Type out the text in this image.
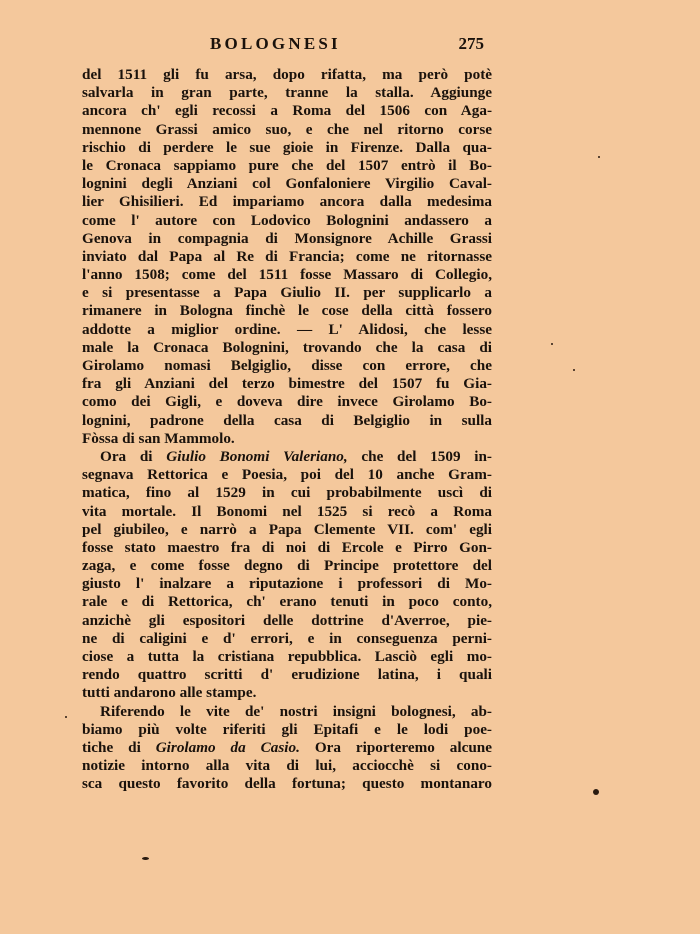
BOLOGNESI	275
del 1511 gli fu arsa, dopo rifatta, ma però potè
salvarla in gran parte, tranne la stalla. Aggiunge
ancora ch' egli recossi a Roma del 1506 con Aga-
mennone Grassi amico suo, e che nel ritorno corse
rischio di perdere le sue gioie in Firenze. Dalla qua-
le Cronaca sappiamo pure che del 1507 entrò il Bo-
lognini degli Anziani col Gonfaloniere Virgilio Caval-
lier Ghisilieri. Ed impariamo ancora dalla medesima
come l' autore con Lodovico Bolognini andassero a
Genova in compagnia di Monsignore Achille Grassi
inviato dal Papa al Re di Francia; come ne ritornasse
l'anno 1508; come del 1511 fosse Massaro di Collegio,
e si presentasse a Papa Giulio II. per supplicarlo a
rimanere in Bologna finchè le cose della città fossero
addotte a miglior ordine. — L' Alidosi, che lesse
male la Cronaca Bolognini, trovando che la casa di
Girolamo nomasi Belgiglio, disse con errore, che
fra gli Anziani del terzo bimestre del 1507 fu Gia-
como dei Gigli, e doveva dire invece Girolamo Bo-
lognini, padrone della casa di Belgiglio in sulla
Fòssa di san Mammolo.
Ora di Giulio Bonomi Valeriano, che del 1509 in-
segnava Rettorica e Poesia, poi del 10 anche Gram-
matica, fino al 1529 in cui probabilmente uscì di
vita mortale. Il Bonomi nel 1525 si recò a Roma
pel giubileo, e narrò a Papa Clemente VII. com' egli
fosse stato maestro fra di noi di Ercole e Pirro Gon-
zaga, e come fosse degno di Principe protettore del
giusto l' inalzare a riputazione i professori di Mo-
rale e di Rettorica, ch' erano tenuti in poco conto,
anzichè gli espositori delle dottrine d'Averroe, pie-
ne di caligini e d' errori, e in conseguenza perni-
ciose a tutta la cristiana repubblica. Lasciò egli mo-
rendo quattro scritti d' erudizione latina, i quali
tutti andarono alle stampe.
Riferendo le vite de' nostri insigni bolognesi, ab-
biamo più volte riferiti gli Epitafi e le lodi poe-
tiche di Girolamo da Casio. Ora riporteremo alcune
notizie intorno alla vita di lui, acciocchè si cono-
sca questo favorito della fortuna; questo montanaro
